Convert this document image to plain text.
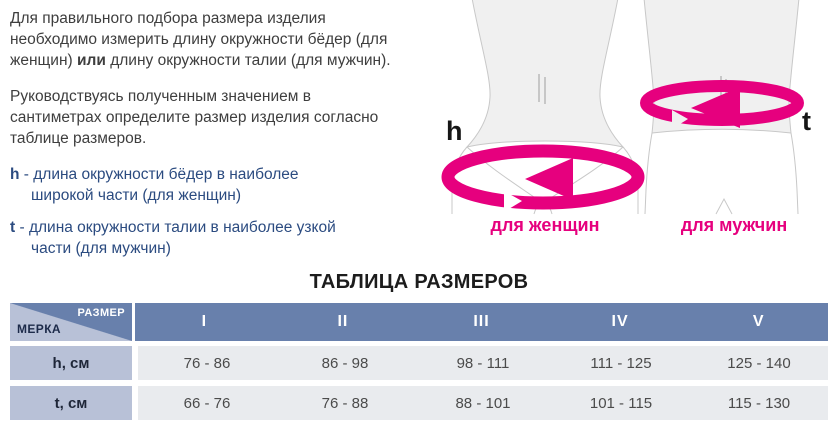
Для правильного подбора размера изделия
необходимо измерить длину окружности бёдер (для
женщин) или длину окружности талии (для мужчин).
Руководствуясь полученным значением в
сантиметрах определите размер изделия согласно
таблице размеров.
h - длина окружности бёдер в наиболее
широкой части (для женщин)
t - длина окружности талии в наиболее узкой
части (для мужчин)
h	t
для женщин	для мужчин
ТАБЛИЦА РАЗМЕРОВ
РАЗМЕР
МЕРКА	I	II	III	IV	V
h, см	76 - 86	86 - 98	98 - 111	111 - 125	125 - 140
t, см	66 - 76	76 - 88	88 - 101	101 - 115	115 - 130
